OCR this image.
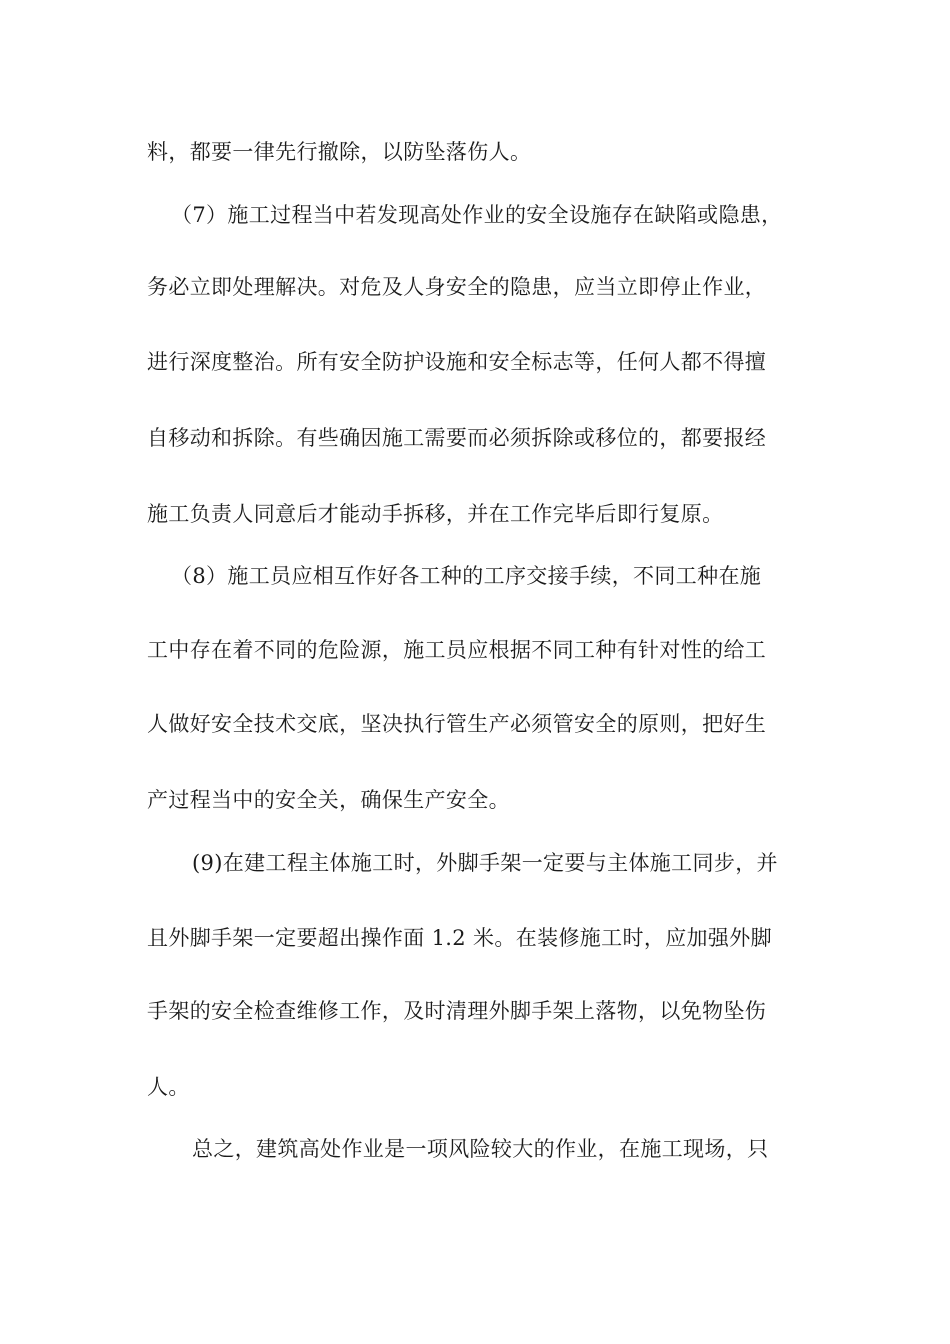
料，都要一律先行撤除，以防坠落伤人。
（7）施工过程当中若发现高处作业的安全设施存在缺陷或隐患，
务必立即处理解决。对危及人身安全的隐患，应当立即停止作业，
进行深度整治。所有安全防护设施和安全标志等，任何人都不得擅
自移动和拆除。有些确因施工需要而必须拆除或移位的，都要报经
施工负责人同意后才能动手拆移，并在工作完毕后即行复原。
（8）施工员应相互作好各工种的工序交接手续，不同工种在施
工中存在着不同的危险源，施工员应根据不同工种有针对性的给工
人做好安全技术交底，坚决执行管生产必须管安全的原则，把好生
产过程当中的安全关，确保生产安全。
(9)在建工程主体施工时，外脚手架一定要与主体施工同步，并
且外脚手架一定要超出操作面 1.2 米。在装修施工时，应加强外脚
手架的安全检查维修工作，及时清理外脚手架上落物，以免物坠伤
人。
总之，建筑高处作业是一项风险较大的作业，在施工现场，只
